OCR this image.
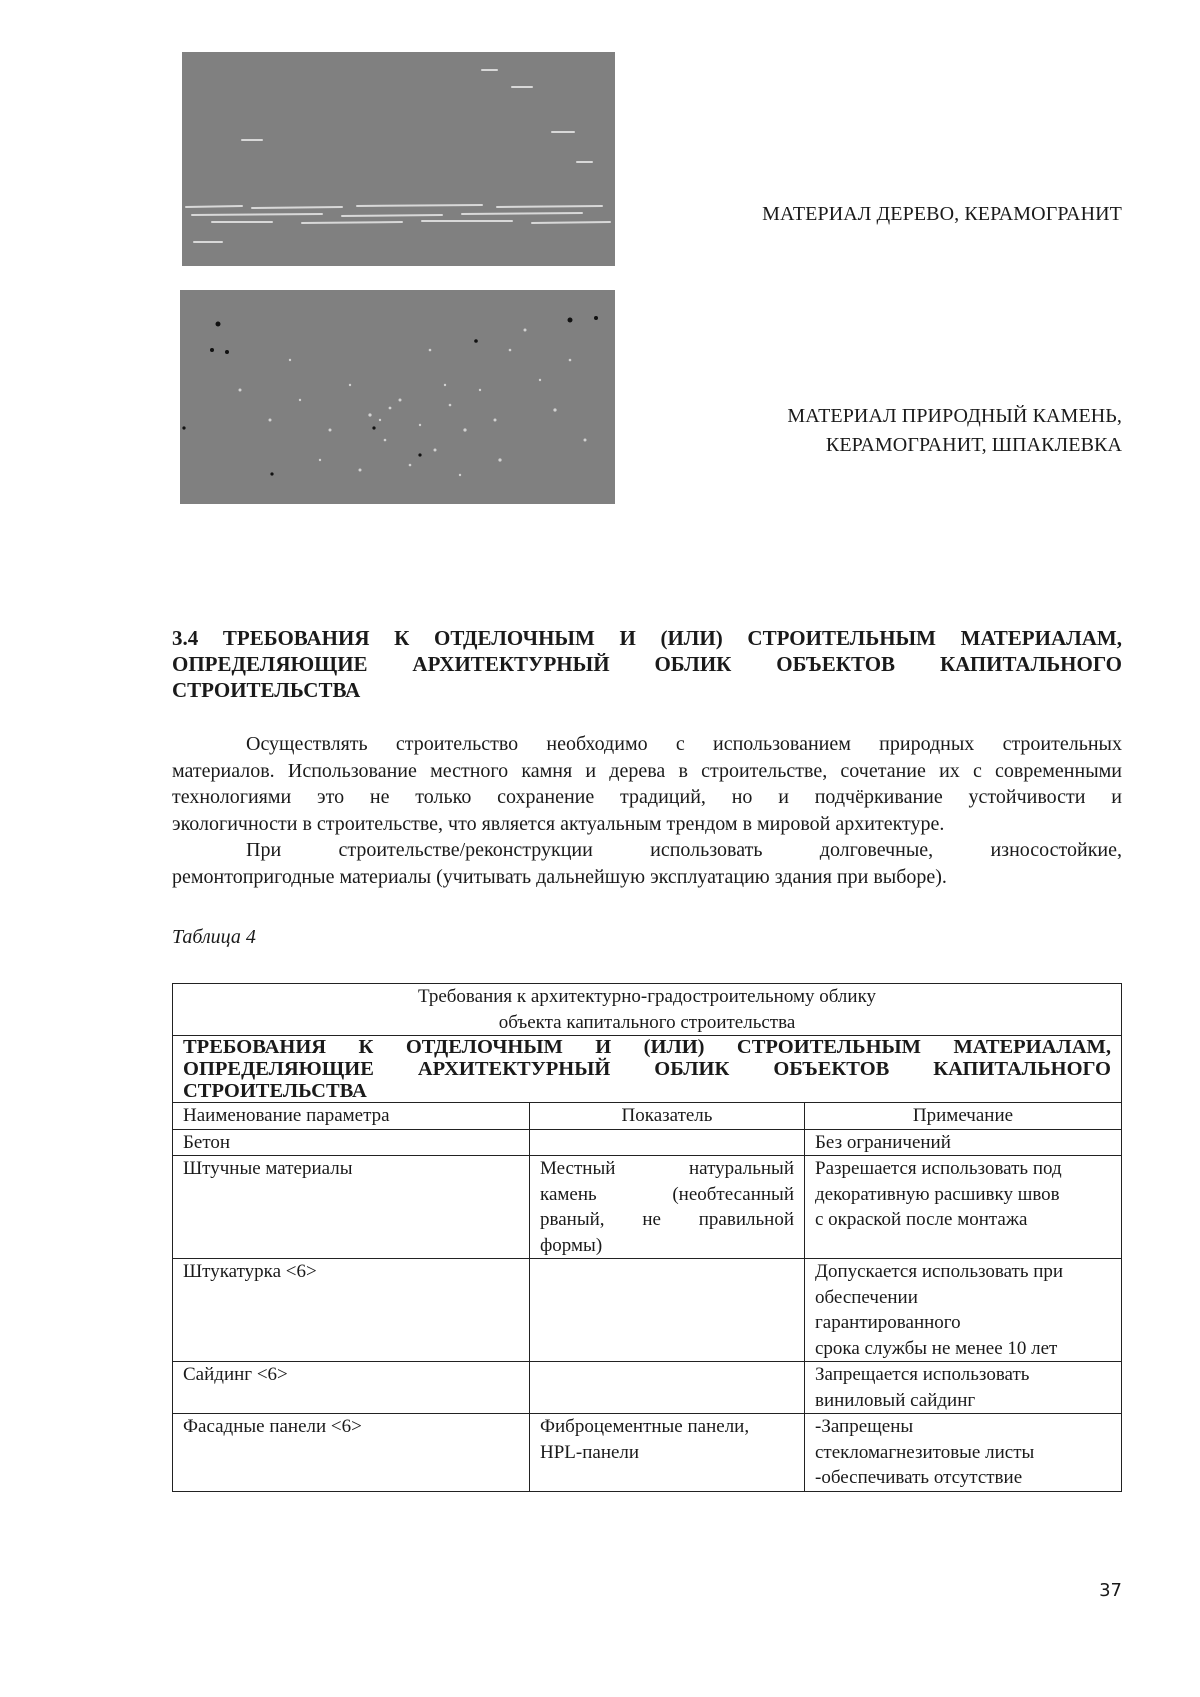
МАТЕРИАЛ ДЕРЕВО, КЕРАМОГРАНИТ
МАТЕРИАЛ ПРИРОДНЫЙ КАМЕНЬ,
КЕРАМОГРАНИТ, ШПАКЛЕВКА
3.4 ТРЕБОВАНИЯ К ОТДЕЛОЧНЫМ И (ИЛИ) СТРОИТЕЛЬНЫМ МАТЕРИАЛАМ,
ОПРЕДЕЛЯЮЩИЕ АРХИТЕКТУРНЫЙ ОБЛИК ОБЪЕКТОВ КАПИТАЛЬНОГО
СТРОИТЕЛЬСТВА
Осуществлять строительство необходимо с использованием природных строительных
материалов. Использование местного камня и дерева в строительстве, сочетание их с современными
технологиями это не только сохранение традиций, но и подчёркивание устойчивости и
экологичности в строительстве, что является актуальным трендом в мировой архитектуре.
При строительстве/реконструкции использовать долговечные, износостойкие,
ремонтопригодные материалы (учитывать дальнейшую эксплуатацию здания при выборе).
Таблица 4
Требования к архитектурно-градостроительному облику
объекта капитального строительства		

ТРЕБОВАНИЯ К ОТДЕЛОЧНЫМ И (ИЛИ) СТРОИТЕЛЬНЫМ МАТЕРИАЛАМ,
ОПРЕДЕЛЯЮЩИЕ АРХИТЕКТУРНЫЙ ОБЛИК ОБЪЕКТОВ КАПИТАЛЬНОГО
СТРОИТЕЛЬСТВА		

Наименование параметра	Показатель	Примечание
Бетон		Без ограничений

Штучные материалы	Местный натуральный
камень (необтесанный
рваный, не правильной
формы)	Разрешается использовать под
декоративную расшивку швов
с окраской после монтажа

Штукатурка <6>		Допускается использовать при
обеспечении
гарантированного
срока службы не менее 10 лет

Сайдинг <6>		Запрещается использовать
виниловый сайдинг

Фасадные панели <6>	Фиброцементные панели,
HPL-панели	-Запрещены
стекломагнезитовые листы
-обеспечивать отсутствие
37
